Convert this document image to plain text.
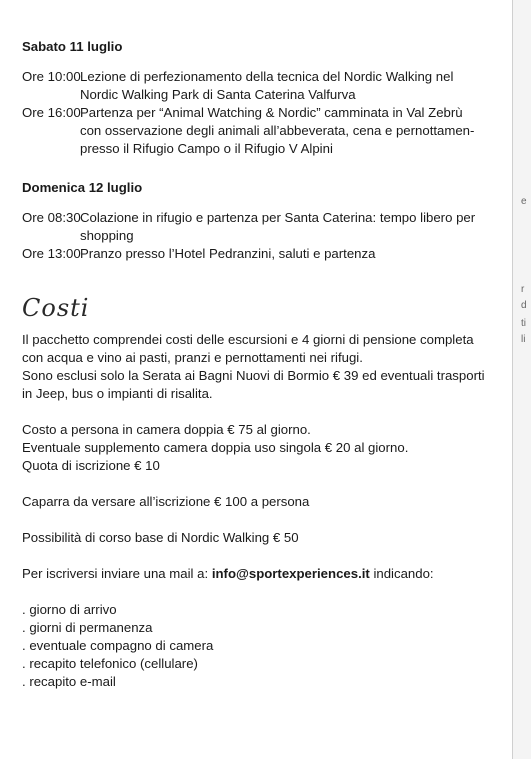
Sabato 11 luglio
Ore 10:00 Lezione di perfezionamento della tecnica del Nordic Walking nel
Nordic Walking Park di Santa Caterina Valfurva
Ore 16:00 Partenza per “Animal Watching & Nordic” camminata in Val Zebrù
con osservazione degli animali all’abbeverata, cena e pernottamen-
presso il Rifugio Campo o il Rifugio V Alpini
Domenica 12 luglio
Ore 08:30 Colazione in rifugio e partenza per Santa Caterina: tempo libero per
shopping
Ore 13:00 Pranzo presso l’Hotel Pedranzini, saluti e partenza
Costi

Il pacchetto comprendei costi delle escursioni e 4 giorni di pensione completa

con acqua e vino ai pasti, pranzi e pernottamenti nei rifugi.

Sono esclusi solo la Serata ai Bagni Nuovi di Bormio € 39 ed eventuali trasporti

in Jeep, bus o impianti di risalita.

Costo a persona in camera doppia € 75 al giorno.

Eventuale supplemento camera doppia uso singola € 20 al giorno.

Quota di iscrizione € 10

Caparra da versare all’iscrizione € 100 a persona

Possibilità di corso base di Nordic Walking € 50

Per iscriversi inviare una mail a: info@sportexperiences.it indicando:

. giorno di arrivo
. giorni di permanenza
. eventuale compagno di camera
. recapito telefonico (cellulare)
. recapito e-mail
e
r
d
ti
li
